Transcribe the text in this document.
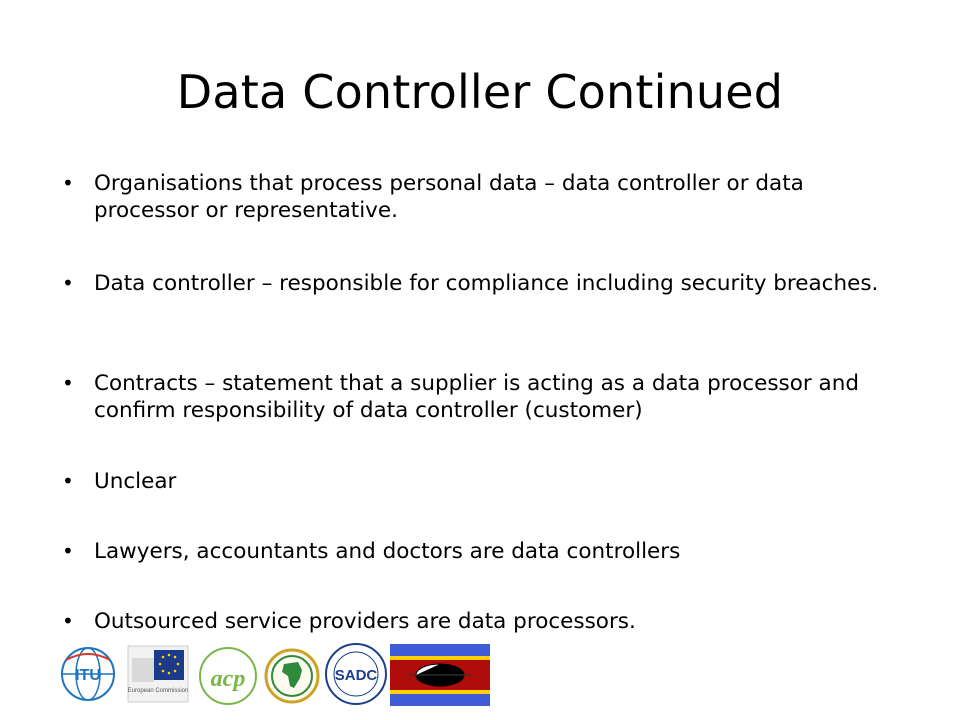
Data Controller Continued
• Organisations that process personal data – data controller or data processor or representative.
• Data controller – responsible for compliance including security breaches.
• Contracts – statement that a supplier is acting as a data processor and confirm responsibility of data controller (customer)
• Unclear
• Lawyers, accountants and doctors are data controllers
• Outsourced service providers are data processors.
ITU
European Commission acp	SADC
